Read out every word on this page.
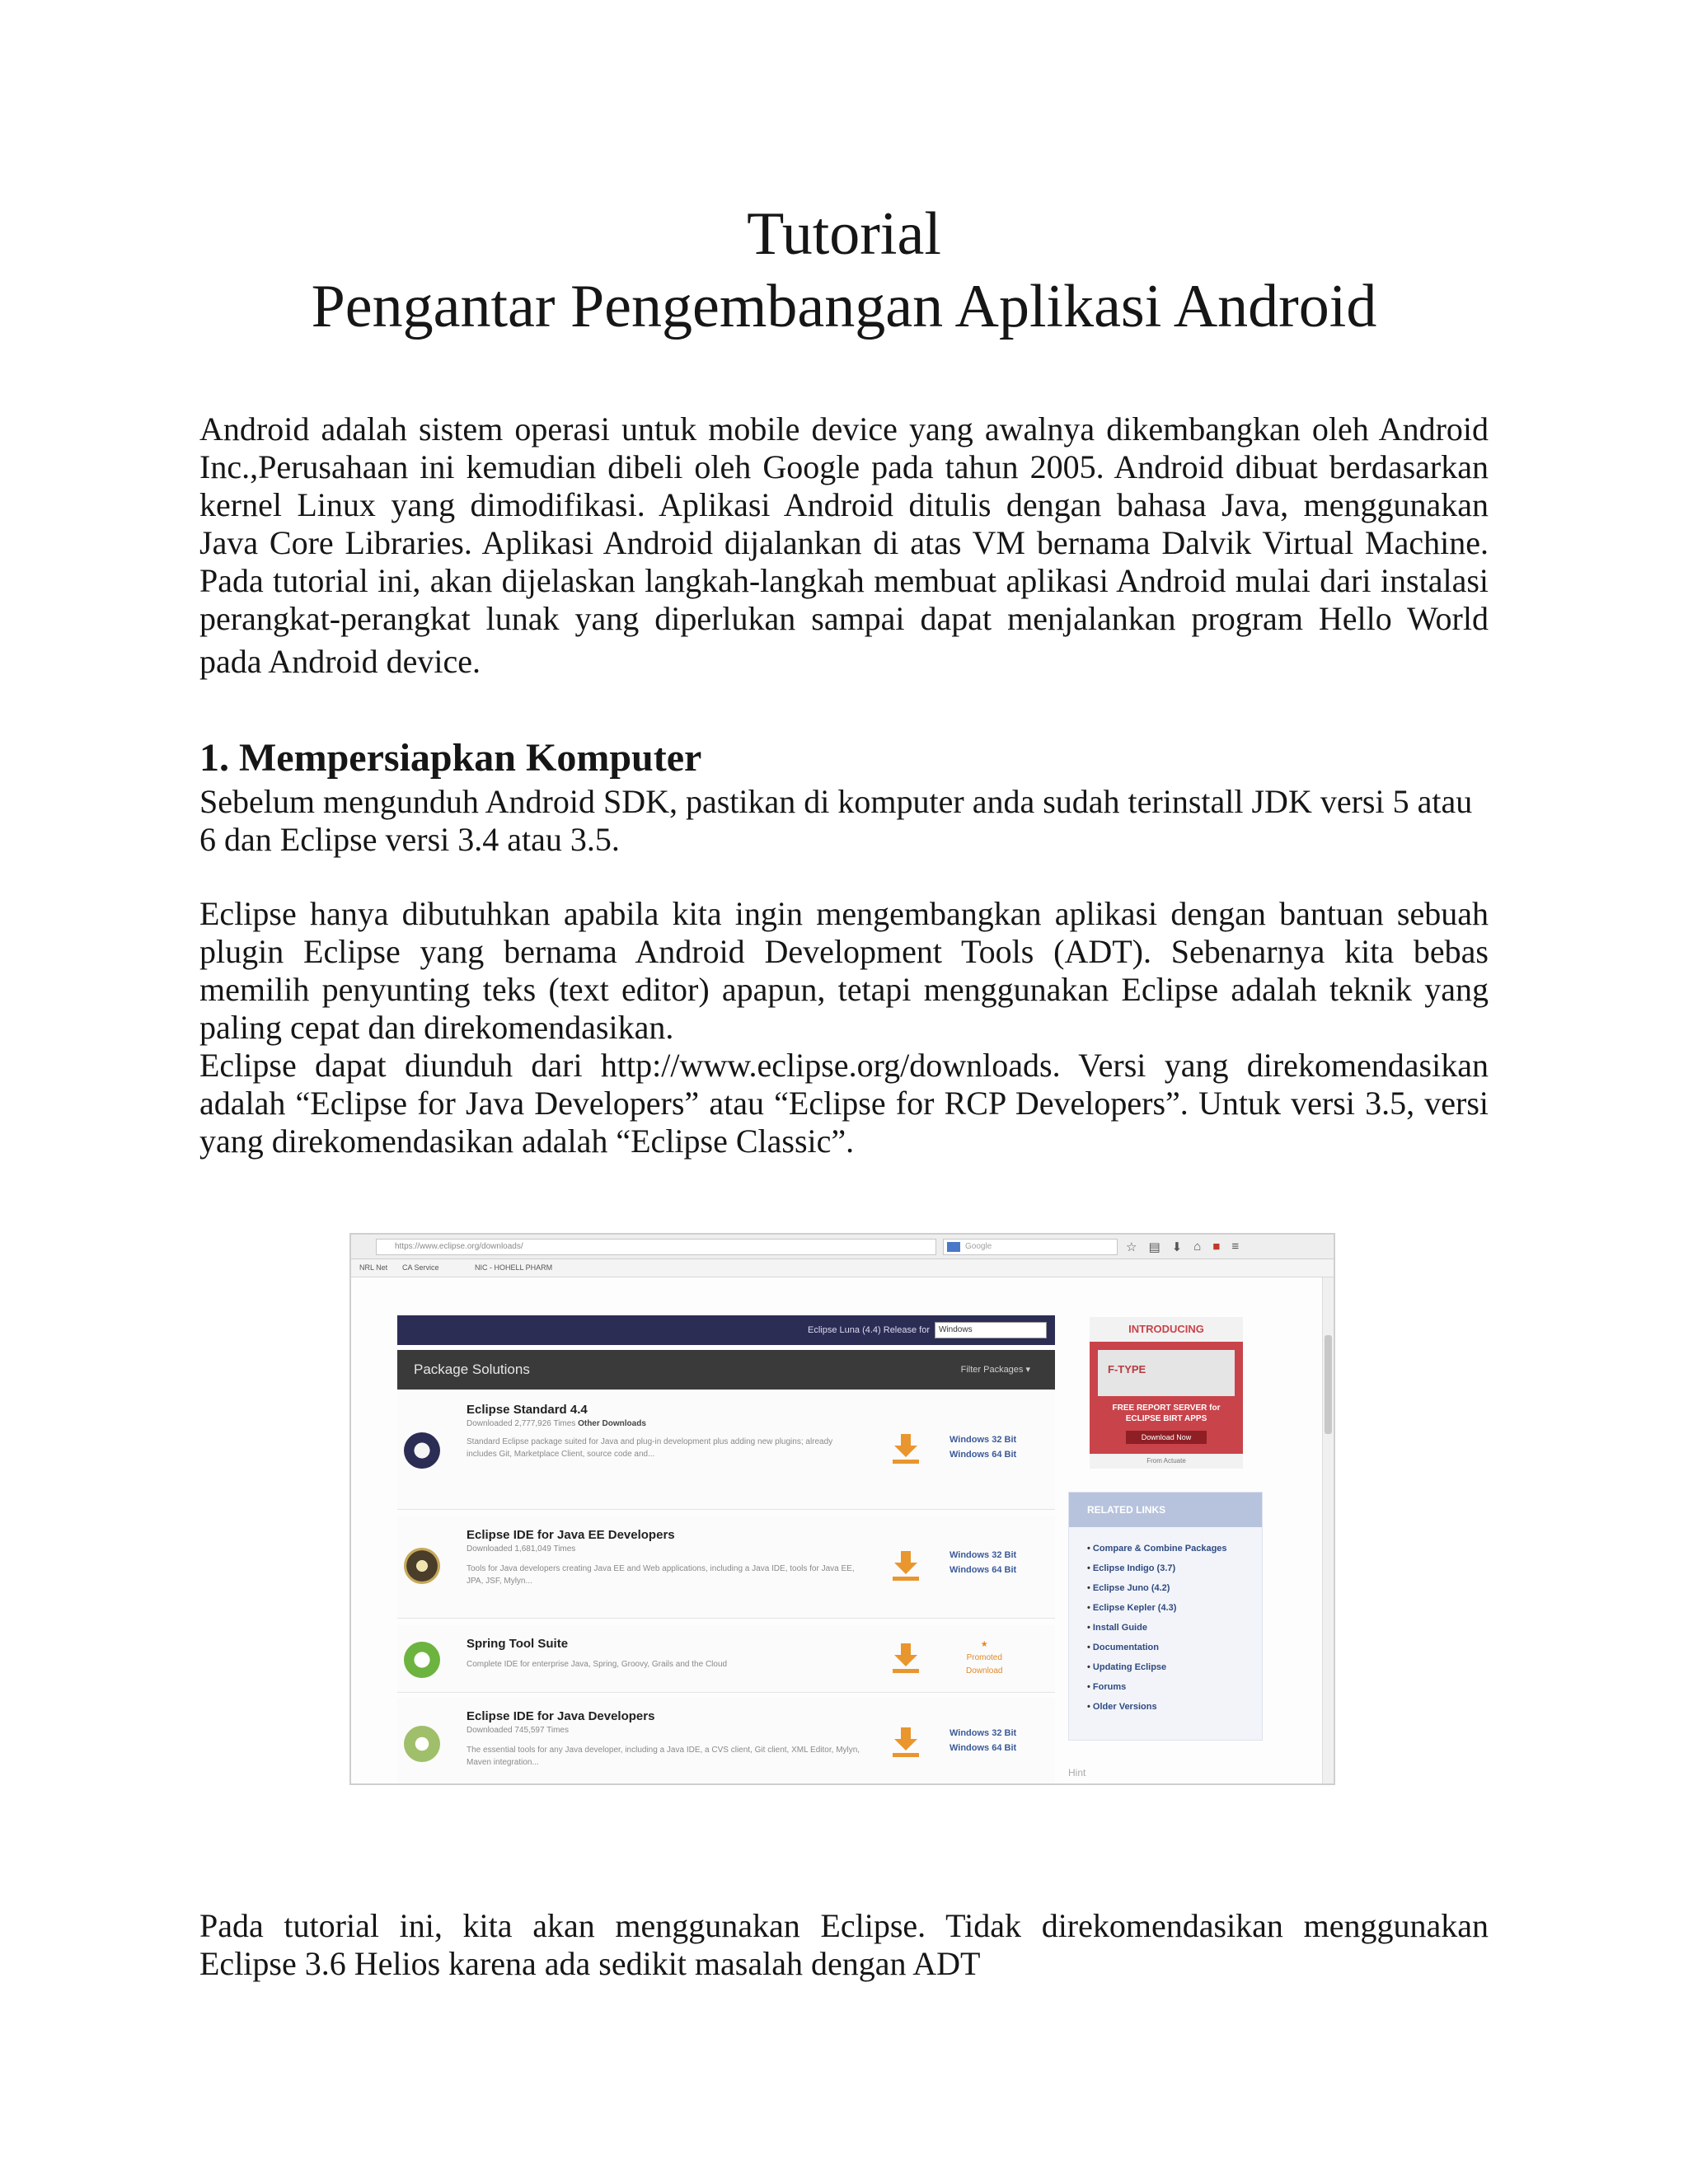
Tutorial
Pengantar Pengembangan Aplikasi Android
Android adalah sistem operasi untuk mobile device yang awalnya dikembangkan oleh Android
Inc.,Perusahaan ini kemudian dibeli oleh Google pada tahun 2005. Android dibuat berdasarkan
kernel Linux yang dimodifikasi. Aplikasi Android ditulis dengan bahasa Java, menggunakan
Java Core Libraries. Aplikasi Android dijalankan di atas VM bernama Dalvik Virtual Machine.
Pada tutorial ini, akan dijelaskan langkah-langkah membuat aplikasi Android mulai dari instalasi
perangkat-perangkat lunak yang diperlukan sampai dapat menjalankan program Hello World
pada Android device.
1. Mempersiapkan Komputer
Sebelum mengunduh Android SDK, pastikan di komputer anda sudah terinstall JDK versi 5 atau
6 dan Eclipse versi 3.4 atau 3.5.
Eclipse hanya dibutuhkan apabila kita ingin mengembangkan aplikasi dengan bantuan sebuah
plugin Eclipse yang bernama Android Development Tools (ADT). Sebenarnya kita bebas
memilih penyunting teks (text editor) apapun, tetapi menggunakan Eclipse adalah teknik yang
paling cepat dan direkomendasikan.
Eclipse dapat diunduh dari http://www.eclipse.org/downloads. Versi yang direkomendasikan
adalah “Eclipse for Java Developers” atau “Eclipse for RCP Developers”. Untuk versi 3.5, versi
yang direkomendasikan adalah “Eclipse Classic”.
https://www.eclipse.org/downloads/	Google	☆ ▤ ⬇ ⌂ ■ ≡
NRL Net CA Service	NIC - HOHELL PHARM
Eclipse Luna (4.4) Release for	Windows
Package Solutions	Filter Packages ▾
Eclipse Standard 4.4
Downloaded 2,777,926 Times Other Downloads
Standard Eclipse package suited for Java and plug-in development plus adding new plugins; already includes Git, Marketplace Client, source code and...
Windows 32 Bit
Windows 64 Bit
Eclipse IDE for Java EE Developers
Downloaded 1,681,049 Times
Tools for Java developers creating Java EE and Web applications, including a Java IDE, tools for Java EE, JPA, JSF, Mylyn...
Windows 32 Bit
Windows 64 Bit
Spring Tool Suite
Complete IDE for enterprise Java, Spring, Groovy, Grails and the Cloud
★
Promoted
Download
Eclipse IDE for Java Developers
Downloaded 745,597 Times
The essential tools for any Java developer, including a Java IDE, a CVS client, Git client, XML Editor, Mylyn, Maven integration...
Windows 32 Bit
Windows 64 Bit
INTRODUCING
F-TYPE
FREE REPORT SERVER for ECLIPSE BIRT APPS
Download Now
From Actuate
RELATED LINKS
• Compare & Combine Packages
• Eclipse Indigo (3.7)
• Eclipse Juno (4.2)
• Eclipse Kepler (4.3)
• Install Guide
• Documentation
• Updating Eclipse
• Forums
• Older Versions
Hint
Pada tutorial ini, kita akan menggunakan Eclipse. Tidak direkomendasikan menggunakan
Eclipse 3.6 Helios karena ada sedikit masalah dengan ADT
